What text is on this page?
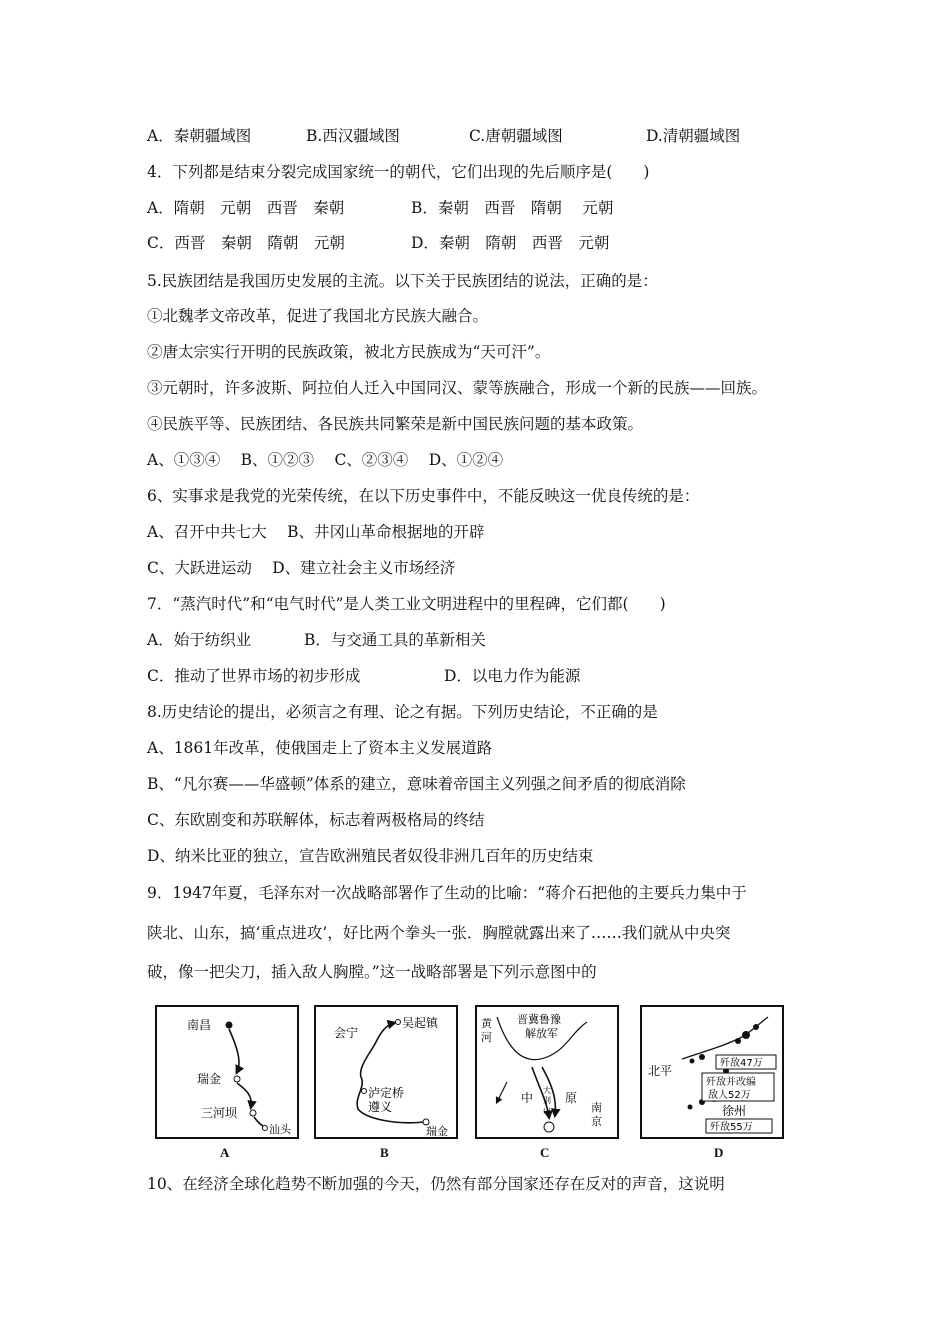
A．秦朝疆域图	B.西汉疆域图	C.唐朝疆域图	D.清朝疆域图
4．下列都是结束分裂完成国家统一的朝代，它们出现的先后顺序是(　　)
A．隋朝　元朝　西晋　秦朝	B．秦朝　西晋　隋朝　 元朝
C．西晋　秦朝　隋朝　元朝	D．秦朝　隋朝　西晋　元朝
5.民族团结是我国历史发展的主流。以下关于民族团结的说法，正确的是：
①北魏孝文帝改革，促进了我国北方民族大融合。
②唐太宗实行开明的民族政策，被北方民族成为“天可汗”。
③元朝时，许多波斯、阿拉伯人迁入中国同汉、蒙等族融合，形成一个新的民族——回族。
④民族平等、民族团结、各民族共同繁荣是新中国民族问题的基本政策。
A、①③④　 B、①②③　 C、②③④　 D、①②④
6、实事求是我党的光荣传统，在以下历史事件中，不能反映这一优良传统的是：
A、召开中共七大　 B、井冈山革命根据地的开辟
C、大跃进运动　 D、建立社会主义市场经济
7．“蒸汽时代”和“电气时代”是人类工业文明进程中的里程碑，它们都(　　)
A．始于纺织业	B．与交通工具的革新相关
C．推动了世界市场的初步形成	D．以电力作为能源
8.历史结论的提出，必须言之有理、论之有据。下列历史结论，不正确的是
A、1861年改革，使俄国走上了资本主义发展道路
B、“凡尔赛——华盛顿”体系的建立，意味着帝国主义列强之间矛盾的彻底消除
C、东欧剧变和苏联解体，标志着两极格局的终结
D、纳米比亚的独立，宣告欧洲殖民者奴役非洲几百年的历史结束
9．1947年夏，毛泽东对一次战略部署作了生动的比喻：“蒋介石把他的主要兵力集中于
陕北、山东，搞‘重点进攻’，好比两个拳头一张．胸膛就露出来了……我们就从中央突
破，像一把尖刀，插入敌人胸膛。”这一战略部署是下列示意图中的
南昌
瑞金
三河坝
汕头
A
会宁
吴起镇
泸定桥
遵义
瑞金
B
晋冀鲁豫
解放军
黄
河
中	原
大
别
山	南
京
C
北平
歼敌47万
歼敌并改编
敌人52万
徐州
歼敌55万
D
10、在经济全球化趋势不断加强的今天，仍然有部分国家还存在反对的声音，这说明
